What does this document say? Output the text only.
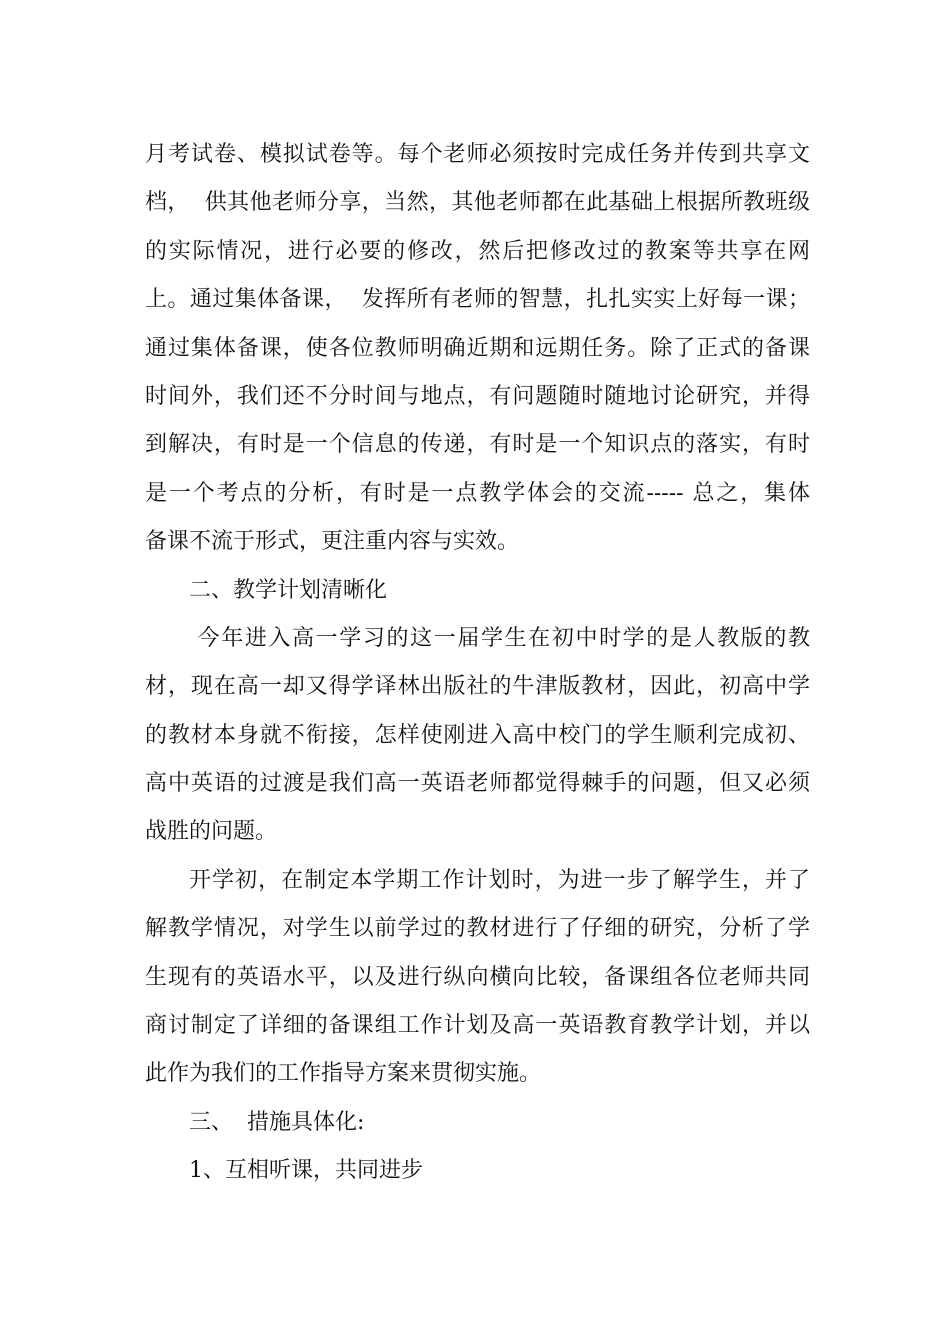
月考试卷、模拟试卷等。每个老师必须按时完成任务并传到共享文

档，  供其他老师分享，当然，其他老师都在此基础上根据所教班级

的实际情况，进行必要的修改，然后把修改过的教案等共享在网

上。通过集体备课，  发挥所有老师的智慧，扎扎实实上好每一课；

通过集体备课，使各位教师明确近期和远期任务。除了正式的备课

时间外，我们还不分时间与地点，有问题随时随地讨论研究，并得

到解决，有时是一个信息的传递，有时是一个知识点的落实，有时

是一个考点的分析，有时是一点教学体会的交流----- 总之，集体

备课不流于形式，更注重内容与实效。

二、教学计划清晰化

今年进入高一学习的这一届学生在初中时学的是人教版的教

材，现在高一却又得学译林出版社的牛津版教材，因此，初高中学

的教材本身就不衔接，怎样使刚进入高中校门的学生顺利完成初、

高中英语的过渡是我们高一英语老师都觉得棘手的问题，但又必须

战胜的问题。

开学初，在制定本学期工作计划时，为进一步了解学生，并了

解教学情况，对学生以前学过的教材进行了仔细的研究，分析了学

生现有的英语水平，以及进行纵向横向比较，备课组各位老师共同

商讨制定了详细的备课组工作计划及高一英语教育教学计划，并以

此作为我们的工作指导方案来贯彻实施。

三、  措施具体化:

1、互相听课，共同进步
